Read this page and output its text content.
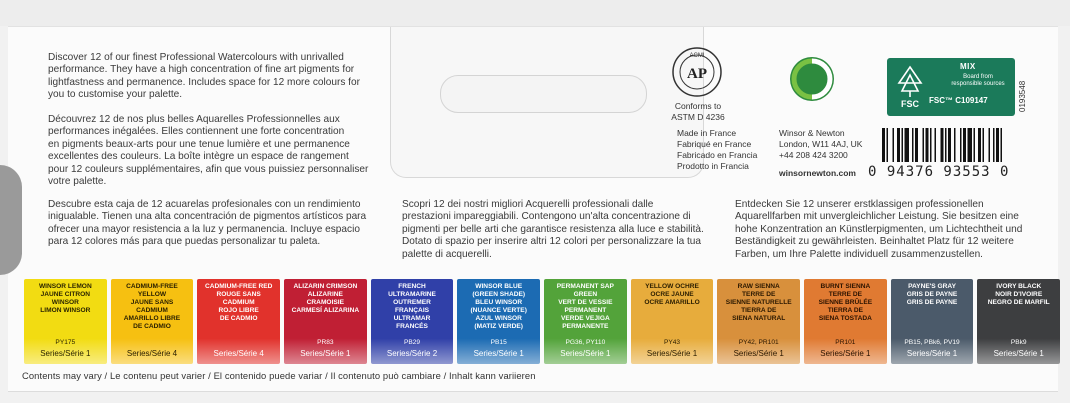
Discover 12 of our finest Professional Watercolours with unrivalled
performance. They have a high concentration of fine art pigments for
lightfastness and permanence. Includes space for 12 more colours for
you to customise your palette.
Découvrez 12 de nos plus belles Aquarelles Professionnelles aux
performances inégalées. Elles contiennent une forte concentration
en pigments beaux-arts pour une tenue lumière et une permanence
excellentes des couleurs. La boîte intègre un espace de rangement
pour 12 couleurs supplémentaires, afin que vous puissiez personnaliser
votre palette.
Descubre esta caja de 12 acuarelas profesionales con un rendimiento
inigualable. Tienen una alta concentración de pigmentos artísticos para
ofrecer una mayor resistencia a la luz y permanencia. Incluye espacio
para 12 colores más para que puedas personalizar tu paleta.
Scopri 12 dei nostri migliori Acquerelli professionali dalle
prestazioni impareggiabili. Contengono un'alta concentrazione di
pigmenti per belle arti che garantisce resistenza alla luce e stabilità.
Dotato di spazio per inserire altri 12 colori per personalizzare la tua
palette di acquerelli.
Entdecken Sie 12 unserer erstklassigen professionellen
Aquarellfarben mit unvergleichlicher Leistung. Sie besitzen eine
hohe Konzentration an Künstlerpigmenten, um Lichtechtheit und
Beständigkeit zu gewährleisten. Beinhaltet Platz für 12 weitere
Farben, um Ihre Palette individuell zusammenzustellen.
ACMI
AP
Conforms to
ASTM D 4236
Made in France
Fabriqué en France
Fabricado en Francia
Prodotto in Francia
Winsor & Newton
London, W11 4AJ, UK
+44 208 424 3200
winsornewton.com
FSC
MIX
Board from
responsible sources
FSC™ C109147	0193548
0 94376 93553 0
WINSOR LEMON
JAUNE CITRON
WINSOR
LIMON WINSOR
PY175
Series/Série 1
CADMIUM-FREE
YELLOW
JAUNE SANS
CADMIUM
AMARILLO LIBRE
DE CADMIO
Series/Série 4
CADMIUM-FREE RED
ROUGE SANS
CADMIUM
ROJO LIBRE
DE CADMIO
Series/Série 4
ALIZARIN CRIMSON
ALIZARINE
CRAMOISIE
CARMESÍ ALIZARINA
PR83
Series/Série 1
FRENCH
ULTRAMARINE
OUTREMER
FRANÇAIS
ULTRAMAR
FRANCÉS
PB29
Series/Série 2
WINSOR BLUE
(GREEN SHADE)
BLEU WINSOR
(NUANCE VERTE)
AZUL WINSOR
(MATIZ VERDE)
PB15
Series/Série 1
PERMANENT SAP
GREEN
VERT DE VESSIE
PERMANENT
VERDE VEJIGA
PERMANENTE
PG36, PY110
Series/Série 1
YELLOW OCHRE
OCRE JAUNE
OCRE AMARILLO
PY43
Series/Série 1
RAW SIENNA
TERRE DE
SIENNE NATURELLE
TIERRA DE
SIENA NATURAL
PY42, PR101
Series/Série 1
BURNT SIENNA
TERRE DE
SIENNE BRÛLÉE
TIERRA DE
SIENA TOSTADA
PR101
Series/Série 1
PAYNE'S GRAY
GRIS DE PAYNE
GRIS DE PAYNE
PB15, PBk6, PV19
Series/Série 1
IVORY BLACK
NOIR D'IVOIRE
NEGRO DE MARFIL
PBk9
Series/Série 1
Contents may vary / Le contenu peut varier / El contenido puede variar / Il contenuto può cambiare / Inhalt kann variieren
